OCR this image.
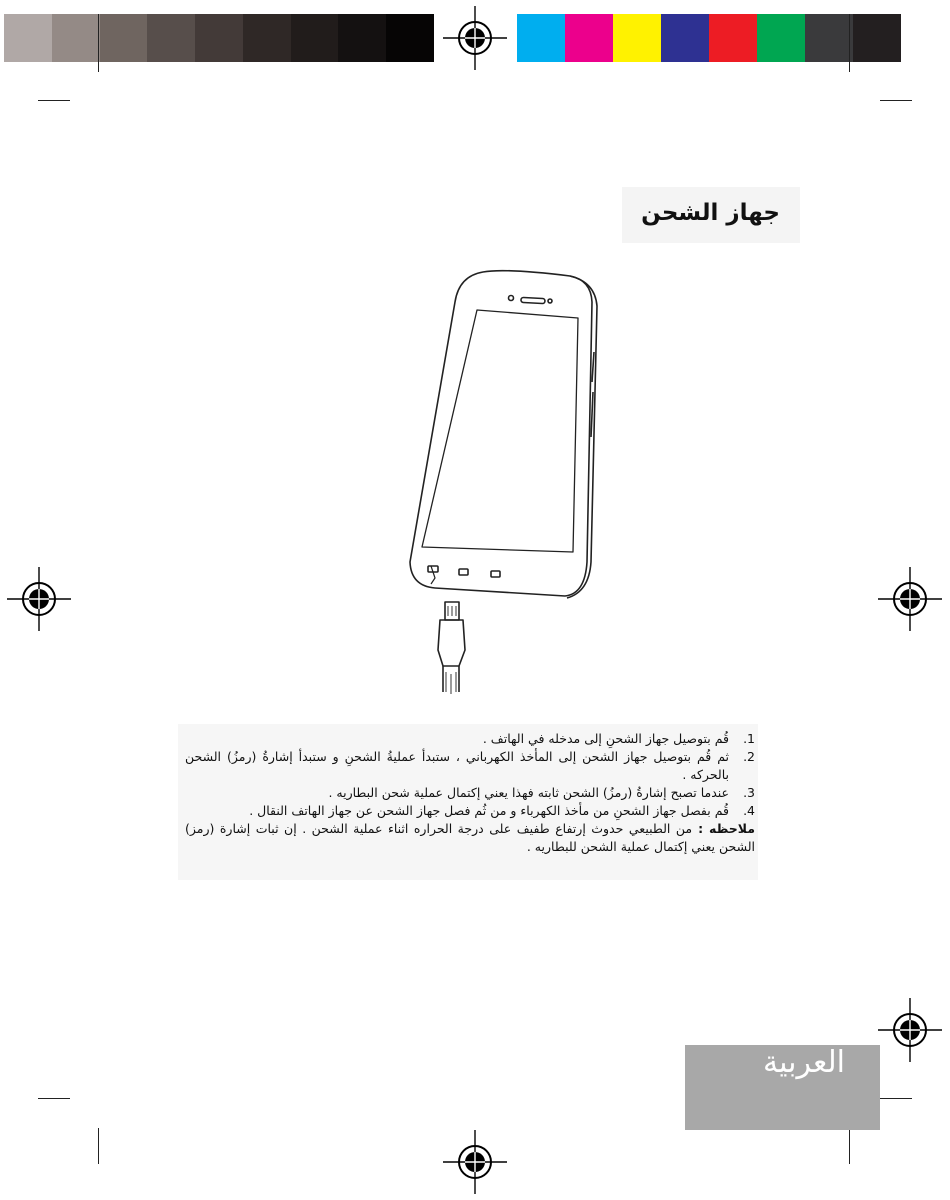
جهاز الشحن
.1
قُم بتوصيل جهاز الشحنِ إلى مدخله في الهاتف .
.2
ثم قُم بتوصيل جهاز الشحن إلى المأخذ الكهرباني ، ستبدأ عمليةُ الشحنِ و ستبدأ إشارةُ (رمزُ) الشحن بالحركه .
.3
عندما تصبح إشارةُ (رمزُ) الشحن ثابته فهذا يعني إكتمال عملية شحن البطاريه .
.4
قُم بفصل جهاز الشحنِ من مأخذ الكهرباء و من ثُم فصل جهاز الشحن عن جهاز الهاتف النقال .
ملاحظه :من الطبيعي حدوث إرتفاع طفيف على درجة الحراره اثناء عملية الشحن . إن ثبات إشارة (رمز) الشحن يعني إكتمال عملية الشحن للبطاريه .
العربية
